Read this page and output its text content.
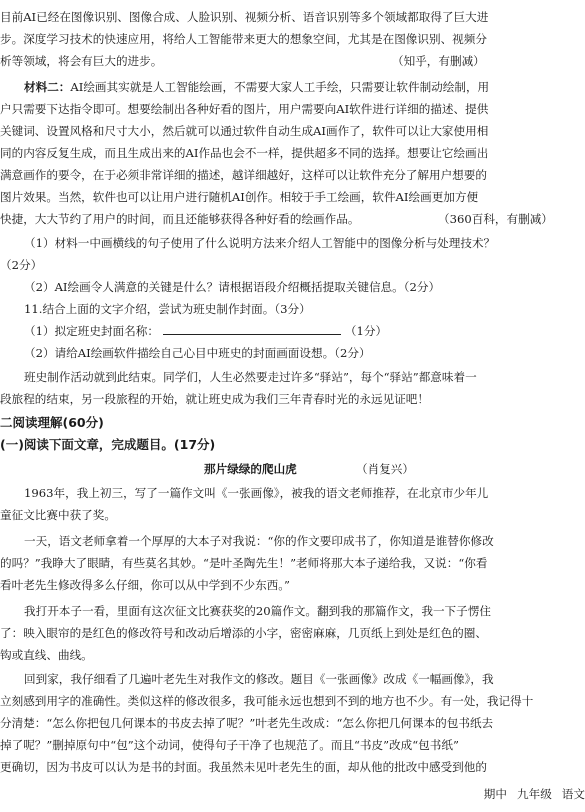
目前AI已经在图像识别、图像合成、人脸识别、视频分析、语音识别等多个领域都取得了巨大进
步。深度学习技术的快速应用，将给人工智能带来更大的想象空间，尤其是在图像识别、视频分
析等领域，将会有巨大的进步。	（知乎，有删减）
材料二：AI绘画其实就是人工智能绘画，不需要大家人工手绘，只需要让软件制动绘制，用
户只需要下达指令即可。想要绘制出各种好看的图片，用户需要向AI软件进行详细的描述、提供
关键词、设置风格和尺寸大小，然后就可以通过软件自动生成AI画作了，软件可以让大家使用相
同的内容反复生成，而且生成出来的AI作品也会不一样，提供超多不同的选择。想要让它绘画出
满意画作的要令，在于必须非常详细的描述，越详细越好，这样可以让软件充分了解用户想要的
图片效果。当然，软件也可以让用户进行随机AI创作。相较于手工绘画，软件AI绘画更加方便
快捷，大大节约了用户的时间，而且还能够获得各种好看的绘画作品。	（360百科，有删减）
（1）材料一中画横线的句子使用了什么说明方法来介绍人工智能中的图像分析与处理技术？
（2分）
（2）AI绘画令人满意的关键是什么？请根据语段介绍概括提取关键信息。（2分）
11.结合上面的文字介绍，尝试为班史制作封面。（3分）
（1）拟定班史封面名称：	（1分）
（2）请给AI绘画软件描绘自己心目中班史的封面画面设想。（2分）
班史制作活动就到此结束。同学们，人生必然要走过许多“驿站”，每个“驿站”都意味着一
段旅程的结束，另一段旅程的开始，就让班史成为我们三年青春时光的永远见证吧！
二阅读理解(60分)
(一)阅读下面文章，完成题目。(17分)
那片绿绿的爬山虎	（肖复兴）
1963年，我上初三，写了一篇作文叫《一张画像》，被我的语文老师推荐，在北京市少年儿
童征文比赛中获了奖。
一天，语文老师拿着一个厚厚的大本子对我说：“你的作文要印成书了，你知道是谁替你修改
的吗？”我睁大了眼睛，有些莫名其妙。“是叶圣陶先生！”老师将那大本子递给我，又说：“你看
看叶老先生修改得多么仔细，你可以从中学到不少东西。”
我打开本子一看，里面有这次征文比赛获奖的20篇作文。翻到我的那篇作文，我一下子愣住
了：映入眼帘的是红色的修改符号和改动后增添的小字，密密麻麻，几页纸上到处是红色的圈、
钩或直线、曲线。
回到家，我仔细看了几遍叶老先生对我作文的修改。题目《一张画像》改成《一幅画像》，我
立刻感到用字的准确性。类似这样的修改很多，我可能永远也想到不到的地方也不少。有一处，我记得十
分清楚：“怎么你把包几何课本的书皮去掉了呢？”叶老先生改成：“怎么你把几何课本的包书纸去
掉了呢？”删掉原句中“包”这个动词，使得句子干净了也规范了。而且“书皮”改成“包书纸”
更确切，因为书皮可以认为是书的封面。我虽然未见叶老先生的面，却从他的批改中感受到他的
期中 九年级 语文
